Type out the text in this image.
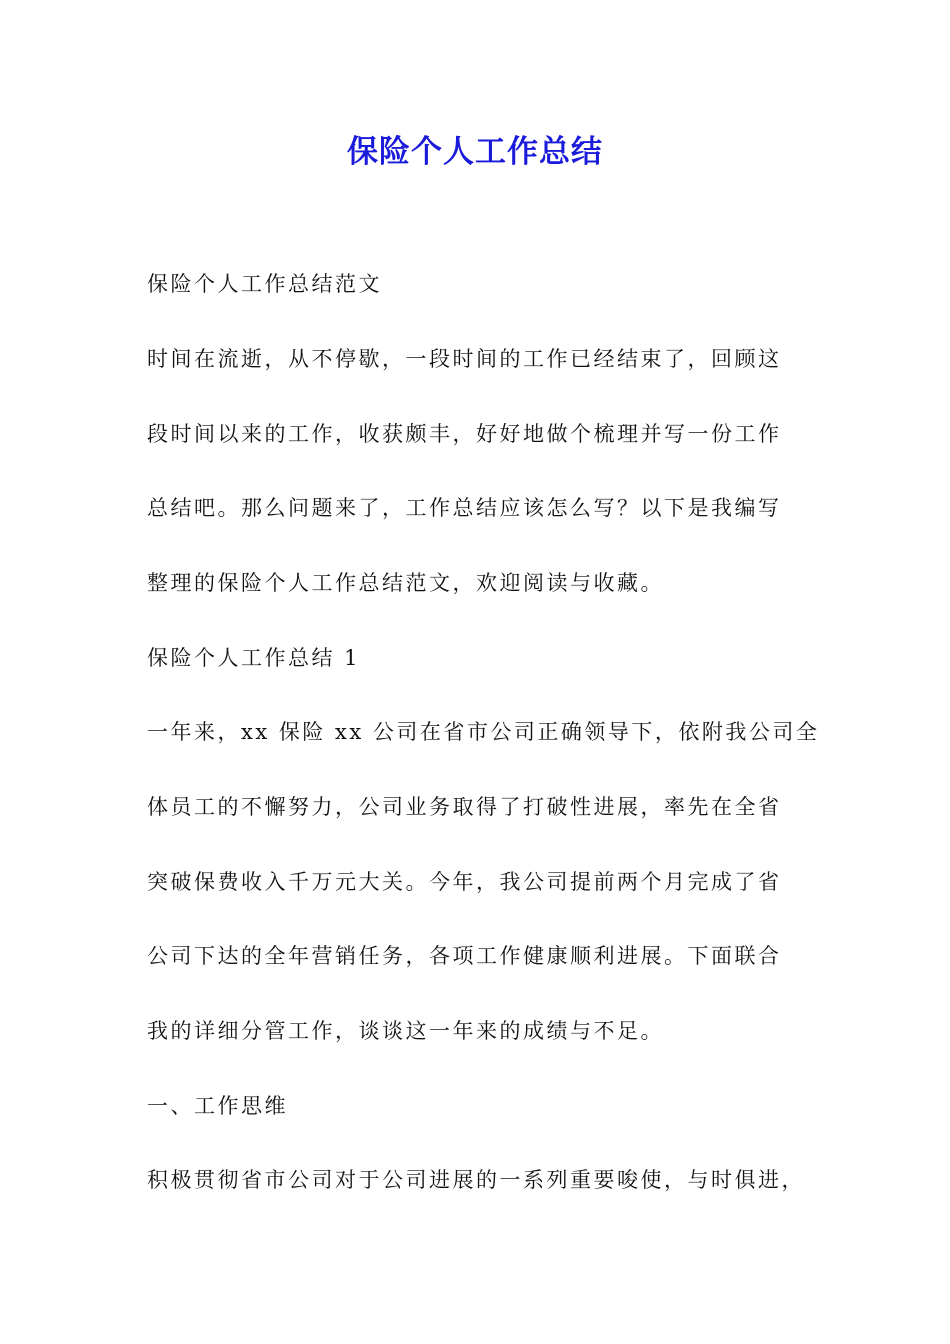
保险个人工作总结
保险个人工作总结范文
时间在流逝，从不停歇，一段时间的工作已经结束了，回顾这
段时间以来的工作，收获颇丰，好好地做个梳理并写一份工作
总结吧。那么问题来了，工作总结应该怎么写？以下是我编写
整理的保险个人工作总结范文，欢迎阅读与收藏。
保险个人工作总结 1
一年来，xx 保险 xx 公司在省市公司正确领导下，依附我公司全
体员工的不懈努力，公司业务取得了打破性进展，率先在全省
突破保费收入千万元大关。今年，我公司提前两个月完成了省
公司下达的全年营销任务，各项工作健康顺利进展。下面联合
我的详细分管工作，谈谈这一年来的成绩与不足。
一、工作思维
积极贯彻省市公司对于公司进展的一系列重要唆使，与时俱进，
